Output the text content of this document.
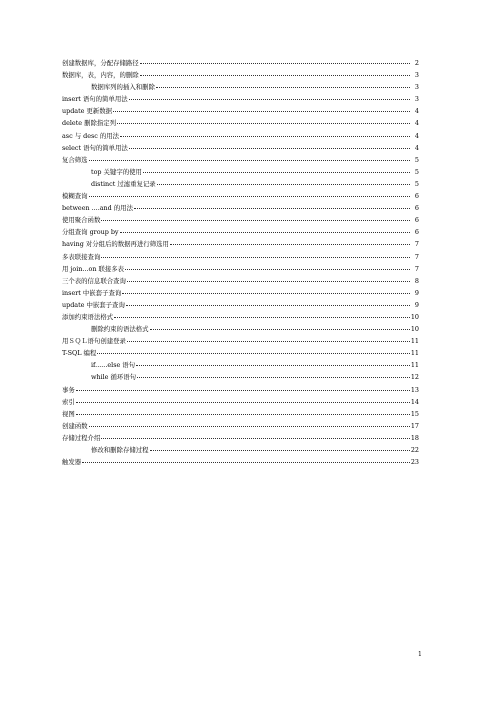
创建数据库，分配存储路径	2
数据库，表，内容，的删除	3
数据库列的插入和删除	3
insert 语句的简单用法	3
update 更新数据	4
delete 删除指定列	4
asc 与 desc 的用法	4
select 语句的简单用法	4
复合筛选	5
top 关键字的使用	5
distinct 过滤重复记录	5
模糊查询	6
between ....and 的用法	6
使用聚合函数	6
分组查询 group by	6
having 对分组后的数据再进行筛选用	7
多表联接查询	7
用 join...on 联接多表	7
三个表的信息联合查询	8
insert 中嵌套子查询	9
update 中嵌套子查询	9
添加约束语法格式	10
删除约束的语法格式	10
用ＳＱＬ语句创建登录	11
T-SQL 编程	11
if......else 语句	11
while 循环语句	12
事务	13
索引	14
视图	15
创建函数	17
存储过程介绍	18
修改和删除存储过程	22
触发器	23
1
